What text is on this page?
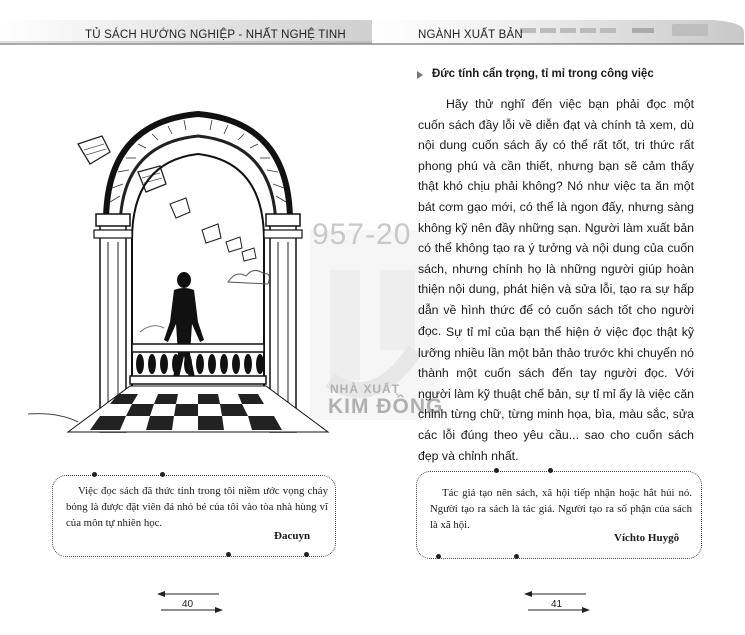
TỦ SÁCH HƯỚNG NGHIỆP - NHẤT NGHỆ TINH	NGÀNH XUẤT BẢN
957-20
NHÀ XUẤT
KIM ĐỒNG
Đức tính cẩn trọng, tỉ mỉ trong công việc

Hãy thử nghĩ đến việc bạn phải đọc một cuốn sách đầy lỗi về diễn đạt và chính tả xem, dù nội dung cuốn sách ấy có thể rất tốt, tri thức rất phong phú và cần thiết, nhưng bạn sẽ cảm thấy thật khó chịu phải không? Nó như việc ta ăn một bát cơm gạo mới, có thể là ngon đấy, nhưng sàng không kỹ nên đầy những sạn. Người làm xuất bản có thể không tạo ra ý tưởng và nội dung của cuốn sách, nhưng chính họ là những người giúp hoàn thiện nội dung, phát hiện và sửa lỗi, tạo ra sự hấp dẫn về hình thức để có cuốn sách tốt cho người đọc. Sự tỉ mỉ của bạn thể hiện ở việc đọc thật kỹ lưỡng nhiều lần một bản thảo trước khi chuyển nó thành một cuốn sách đến tay người đọc. Với người làm kỹ thuật chế bản, sự tỉ mỉ ấy là việc căn chỉnh từng chữ, từng minh họa, bìa, màu sắc, sửa các lỗi đúng theo yêu cầu... sao cho cuốn sách đẹp và chỉnh nhất.

Việc đọc sách đã thức tỉnh trong tôi niềm ước vọng cháy bỏng là được đặt viên đá nhỏ bé của tôi vào tòa nhà hùng vĩ của môn tự nhiên học.

Đacuyn

Tác giả tạo nên sách, xã hội tiếp nhận hoặc hắt hủi nó. Người tạo ra sách là tác giả. Người tạo ra số phận của sách là xã hội.

Víchto Huygô
40	41
